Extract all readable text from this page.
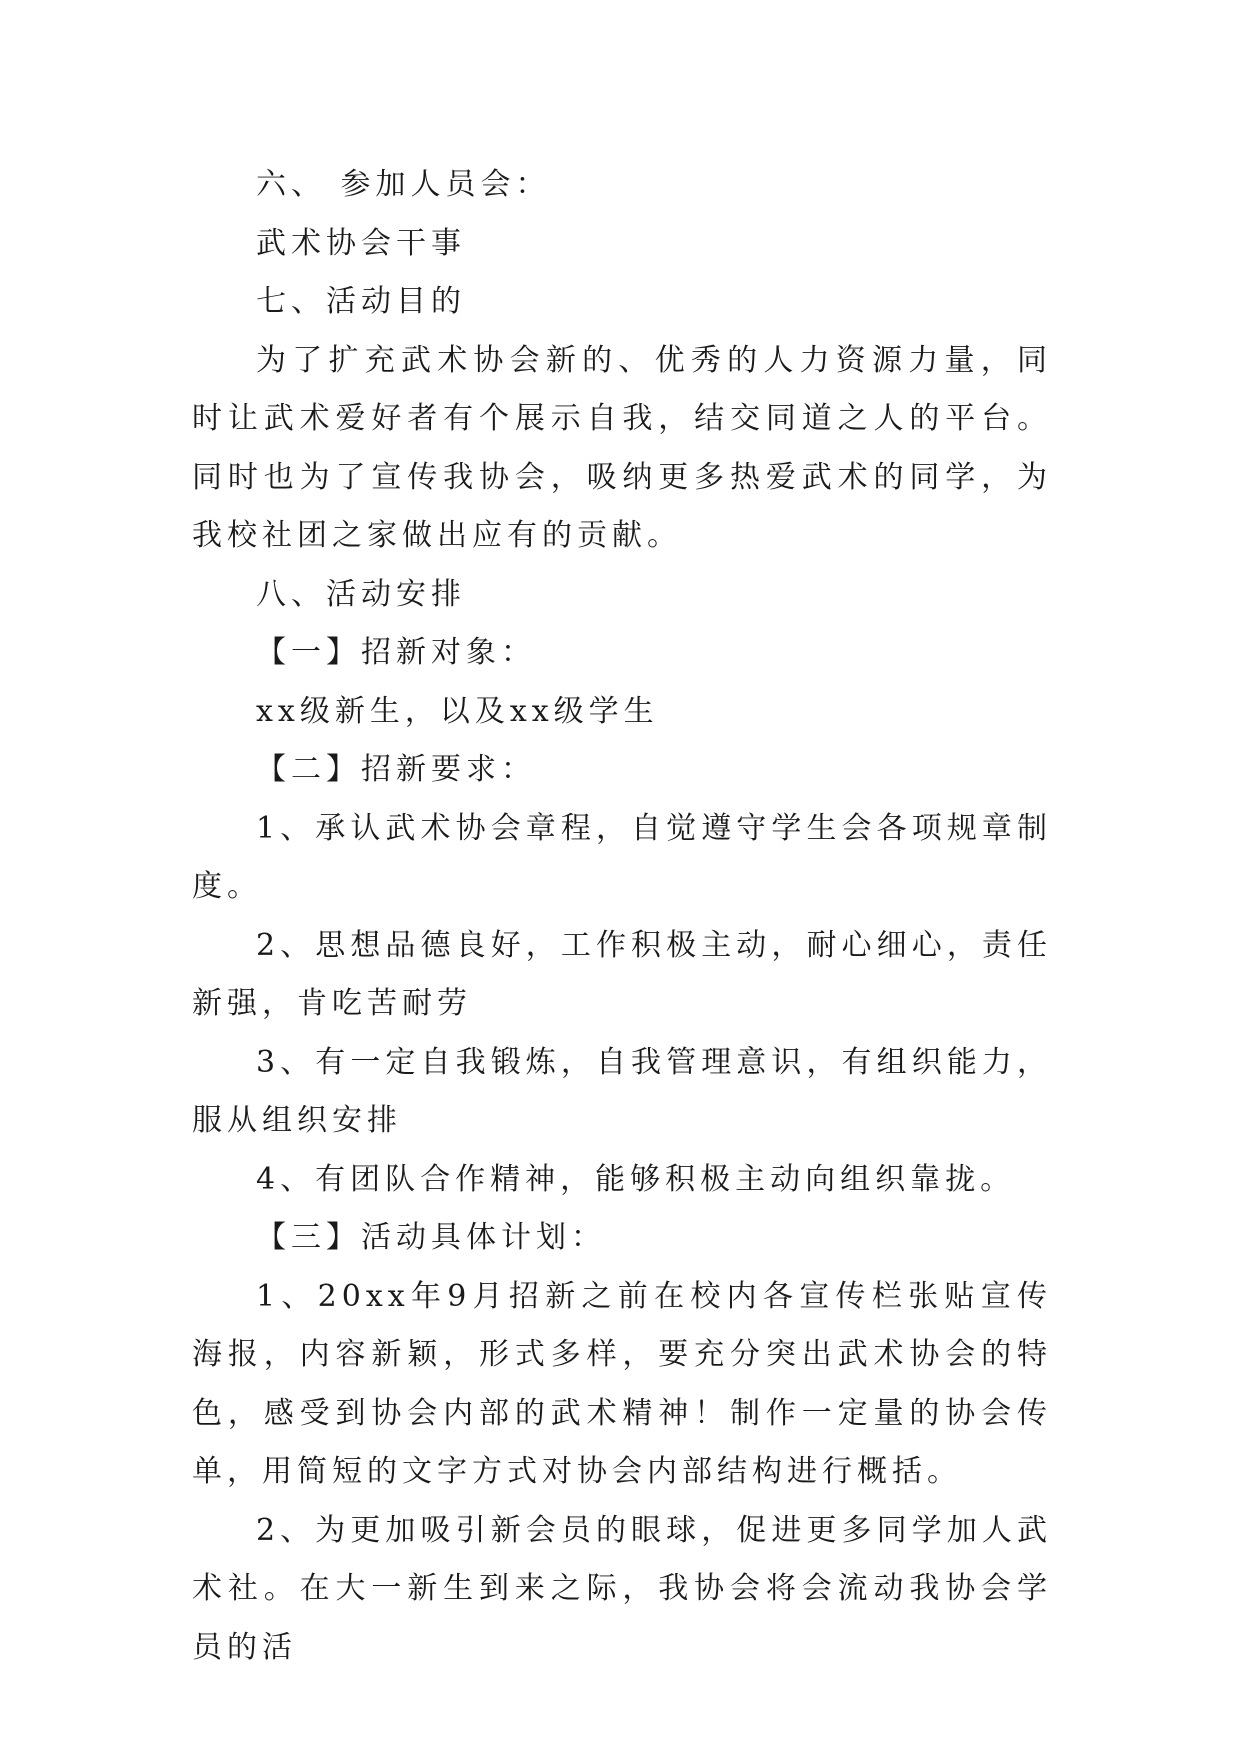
六、 参加人员会：

武术协会干事

七、活动目的

为了扩充武术协会新的、优秀的人力资源力量，同时让武术爱好者有个展示自我，结交同道之人的平台。同时也为了宣传我协会，吸纳更多热爱武术的同学，为我校社团之家做出应有的贡献。

八、活动安排

【一】招新对象：

xx级新生，以及xx级学生

【二】招新要求：

1、承认武术协会章程，自觉遵守学生会各项规章制度。

2、思想品德良好，工作积极主动，耐心细心，责任新强，肯吃苦耐劳

3、有一定自我锻炼，自我管理意识，有组织能力，服从组织安排

4、有团队合作精神，能够积极主动向组织靠拢。

【三】活动具体计划：

1、20xx年9月招新之前在校内各宣传栏张贴宣传海报，内容新颖，形式多样，要充分突出武术协会的特色，感受到协会内部的武术精神！制作一定量的协会传单，用简短的文字方式对协会内部结构进行概括。

2、为更加吸引新会员的眼球，促进更多同学加人武术社。在大一新生到来之际，我协会将会流动我协会学员的活
